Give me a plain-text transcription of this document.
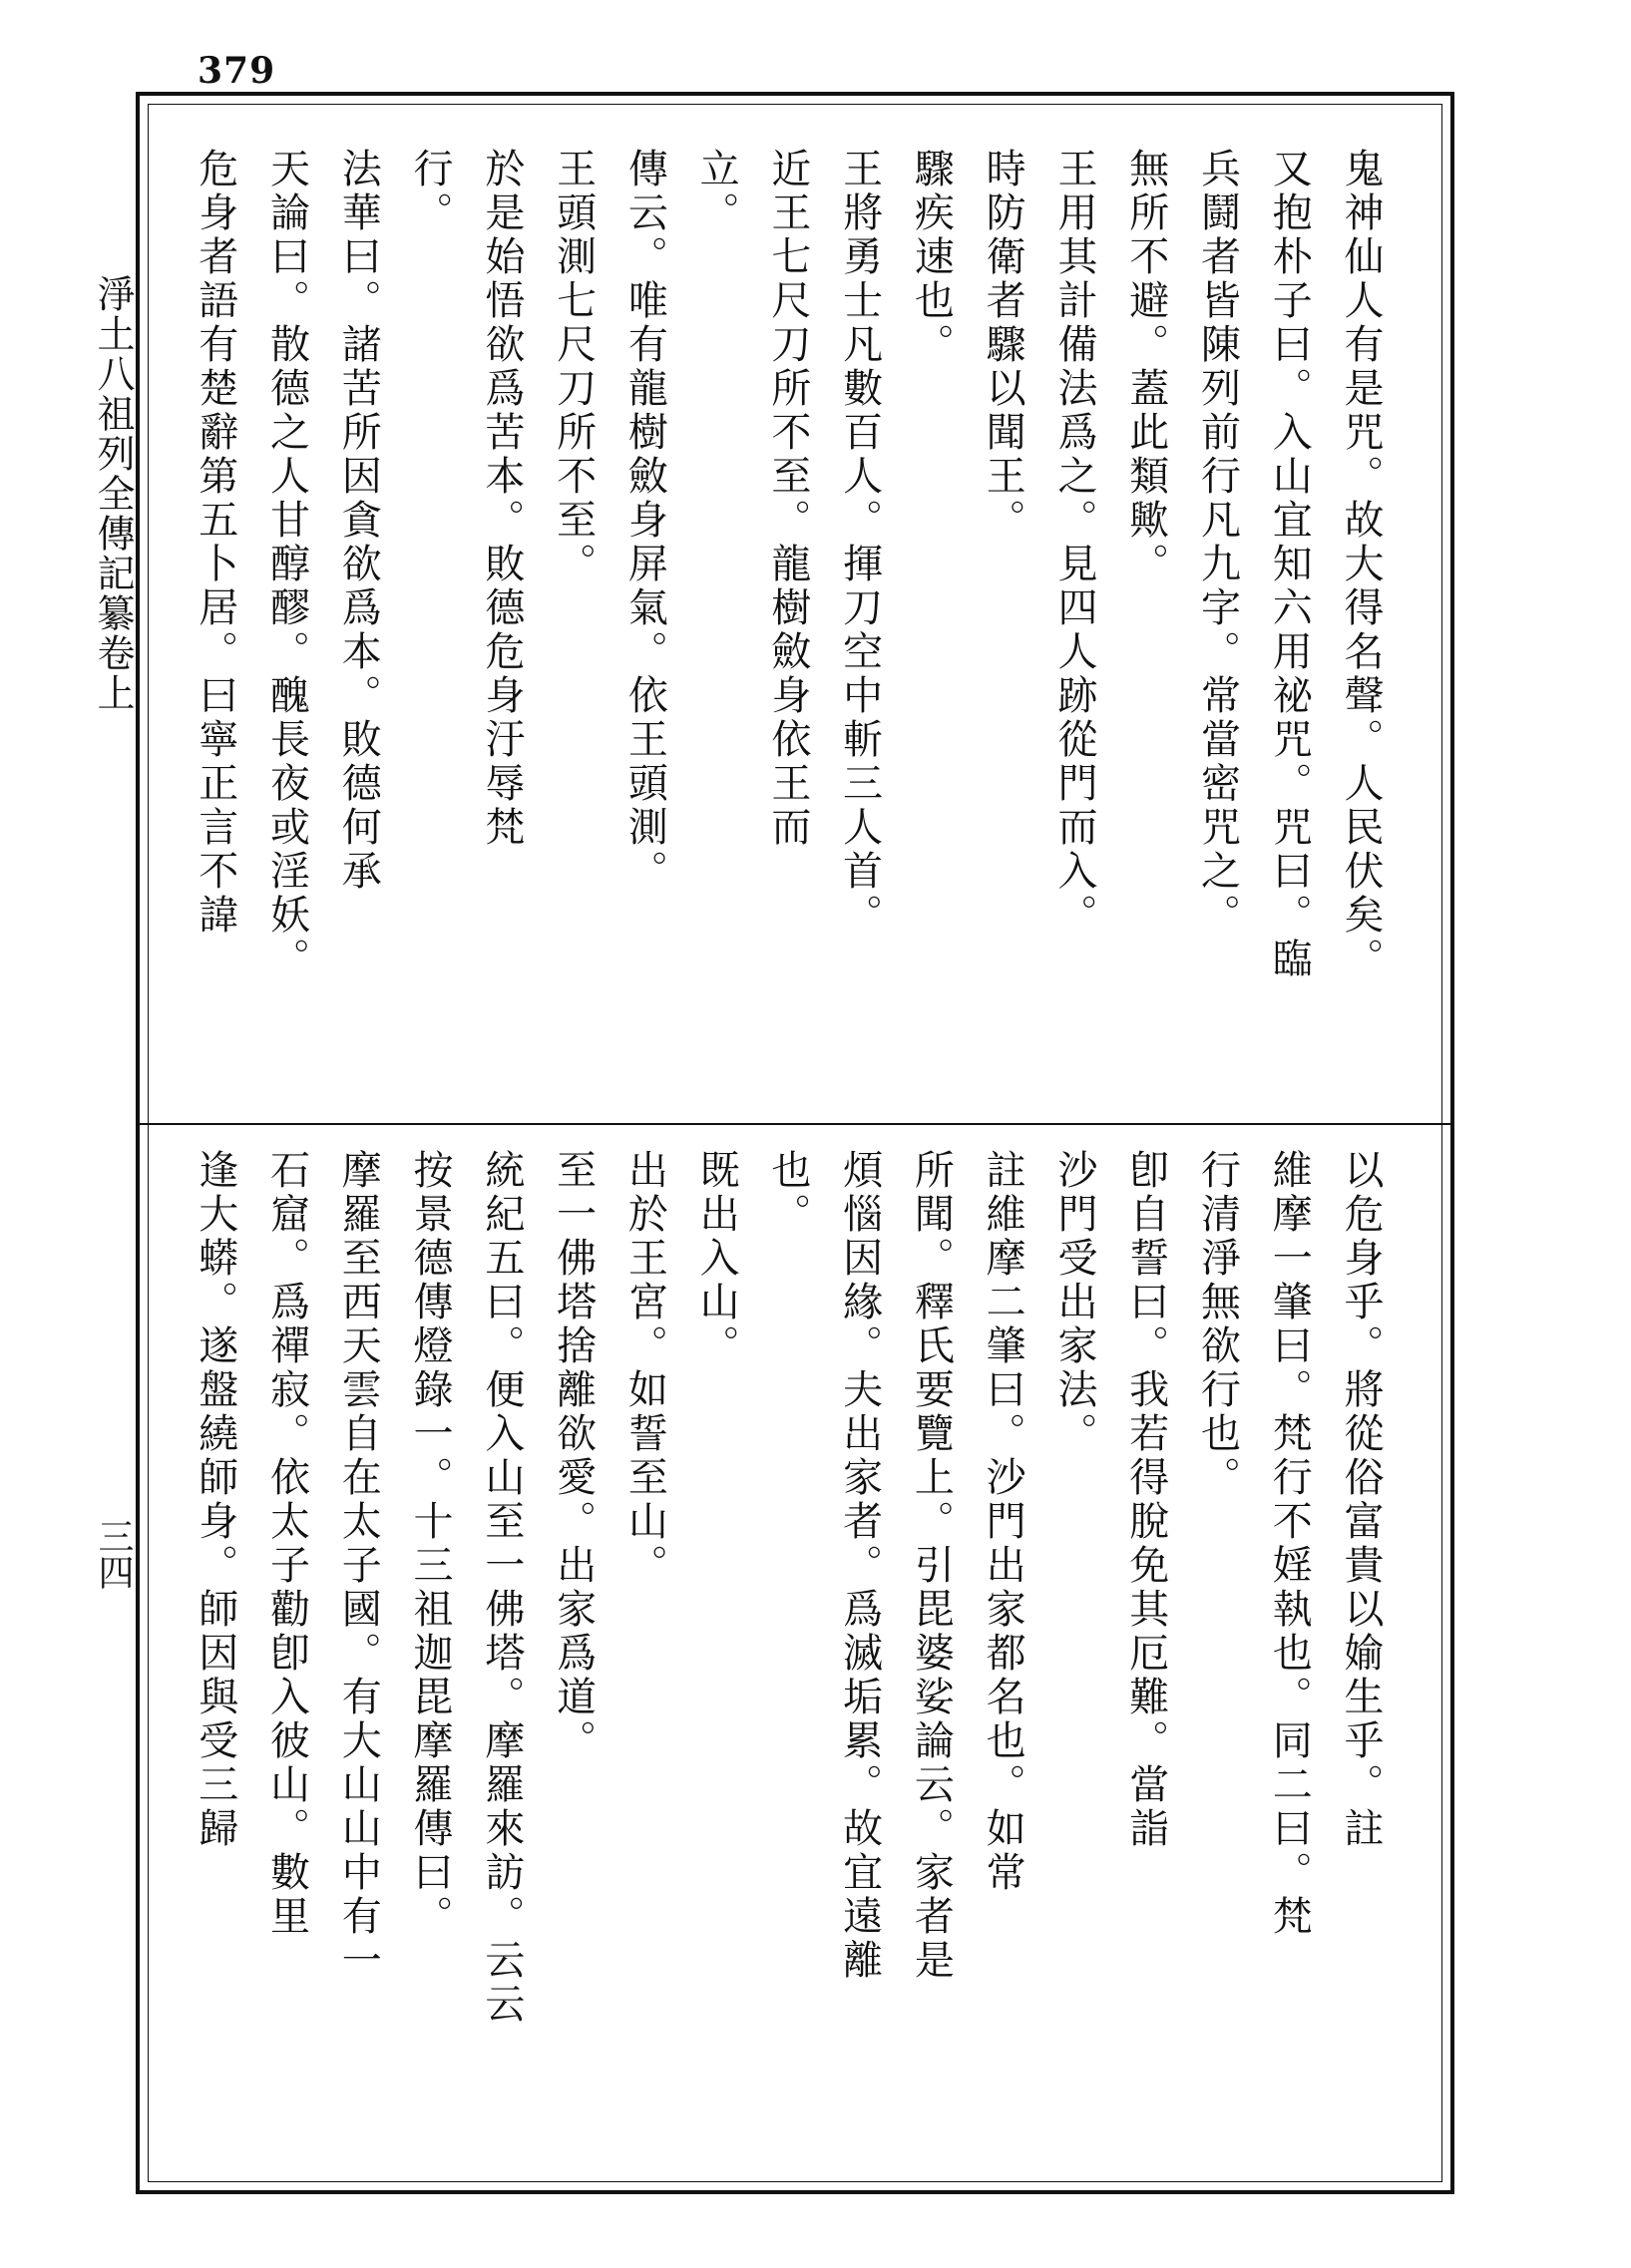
379
淨土八祖列全傳記纂卷上
三四
鬼神仙人有是咒。故大得名聲。人民伏矣。
又抱朴子曰。入山宜知六用祕咒。咒曰。臨
兵鬪者皆陳列前行凡九字。常當密咒之。
無所不避。蓋此類歟。
王用其計備法爲之。見四人跡從門而入。
時防衛者驟以聞王。
驟疾速也。
王將勇士凡數百人。揮刀空中斬三人首。
近王七尺刀所不至。龍樹斂身依王而
立。
傳云。唯有龍樹斂身屏氣。依王頭測。
王頭測七尺刀所不至。
於是始悟欲爲苦本。敗德危身汙辱梵
行。
法華曰。諸苦所因貪欲爲本。敗德何承
天論曰。散德之人甘醇醪。醜長夜或淫妖。
危身者語有楚辭第五卜居。曰寧正言不諱
以危身乎。將從俗富貴以媮生乎。註
維摩一肇曰。梵行不婬執也。同二曰。梵
行清淨無欲行也。
卽自誓曰。我若得脫免其厄難。當詣
沙門受出家法。
註維摩二肇曰。沙門出家都名也。如常
所聞。釋氏要覽上。引毘婆娑論云。家者是
煩惱因緣。夫出家者。爲滅垢累。故宜遠離
也。
既出入山。
出於王宮。如誓至山。
至一佛塔捨離欲愛。出家爲道。
統紀五曰。便入山至一佛塔。摩羅來訪。云云
按景德傳燈錄一。十三祖迦毘摩羅傳曰。
摩羅至西天雲自在太子國。有大山山中有一
石窟。爲禪寂。依太子勸卽入彼山。數里
逢大蟒。遂盤繞師身。師因與受三歸
